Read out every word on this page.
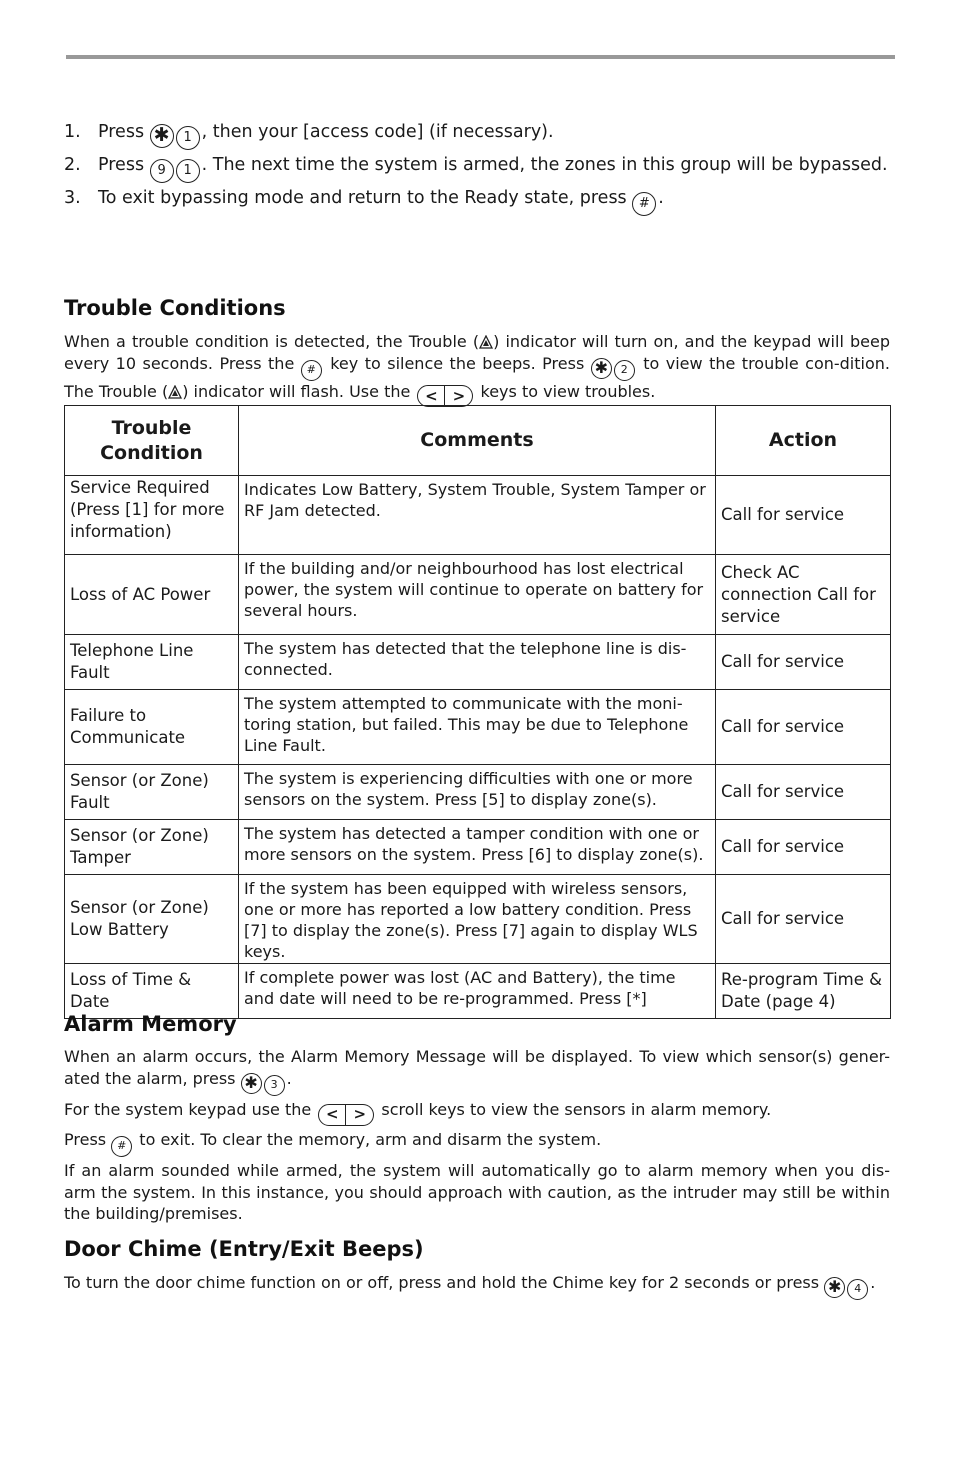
1. Press ✱ 1 , then your [access code] (if necessary).
2. Press 9 1 . The next time the system is armed, the zones in this group will be bypassed.
3. To exit bypassing mode and return to the Ready state, press # .
Trouble Conditions

When a trouble condition is detected, the Trouble ( ) indicator will turn on, and the keypad will beep every 10 seconds. Press the # key to silence the beeps. Press ✱ 2 to view the trouble con-dition. The Trouble ( ) indicator will flash. Use the < > keys to view troubles.

Trouble Condition	Comments	Action
Service Required (Press [1] for more information)	Indicates Low Battery, System Trouble, System Tamper or RF Jam detected.	Call for service
Loss of AC Power	If the building and/or neighbourhood has lost electrical power, the system will continue to operate on battery for several hours.	Check AC connection Call for service
Telephone Line Fault	The system has detected that the telephone line is dis-connected.	Call for service
Failure to Communicate	The system attempted to communicate with the moni-toring station, but failed. This may be due to Telephone Line Fault.	Call for service
Sensor (or Zone) Fault	The system is experiencing difficulties with one or more sensors on the system. Press [5] to display zone(s).	Call for service
Sensor (or Zone) Tamper	The system has detected a tamper condition with one or more sensors on the system. Press [6] to display zone(s).	Call for service
Sensor (or Zone) Low Battery	If the system has been equipped with wireless sensors, one or more has reported a low battery condition. Press [7] to display the zone(s). Press [7] again to display WLS keys.	Call for service
Loss of Time & Date	If complete power was lost (AC and Battery), the time and date will need to be re-programmed. Press [*]	Re-program Time & Date (page 4)
Alarm Memory

When an alarm occurs, the Alarm Memory Message will be displayed. To view which sensor(s) gener-ated the alarm, press ✱ 3 .

For the system keypad use the < > scroll keys to view the sensors in alarm memory.

Press # to exit. To clear the memory, arm and disarm the system.

If an alarm sounded while armed, the system will automatically go to alarm memory when you dis-arm the system. In this instance, you should approach with caution, as the intruder may still be within the building/premises.

Door Chime (Entry/Exit Beeps)

To turn the door chime function on or off, press and hold the Chime key for 2 seconds or press ✱ 4 .
